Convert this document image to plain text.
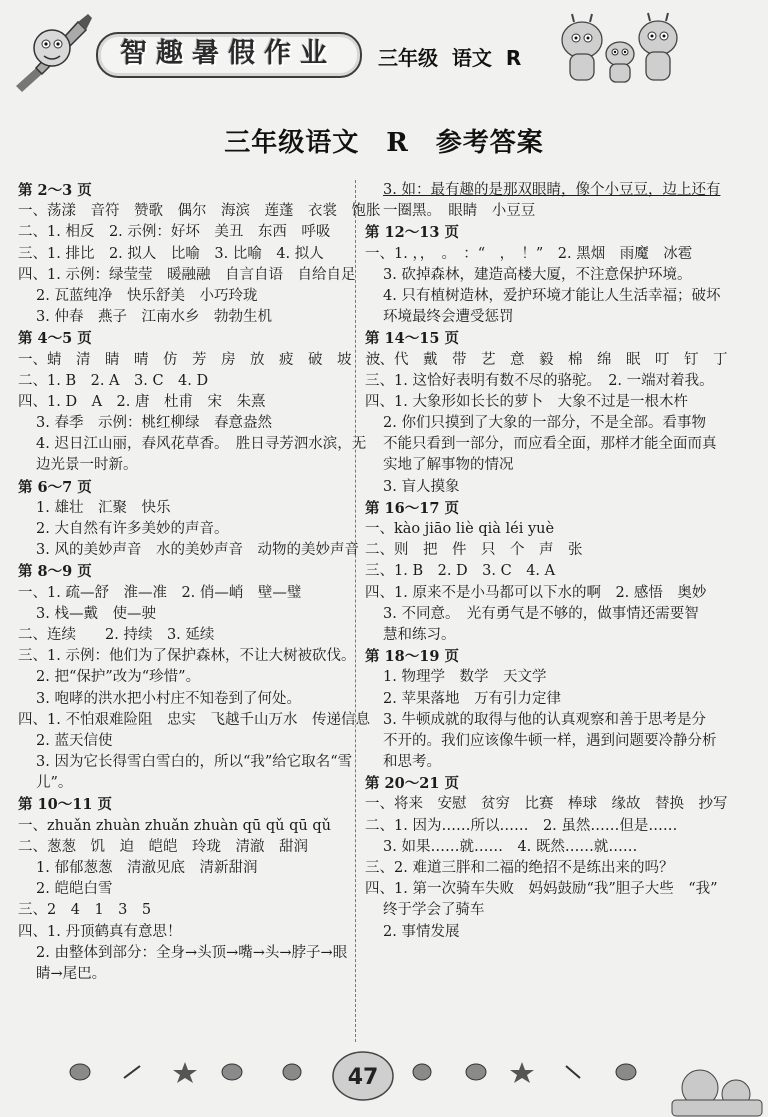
智趣暑假作业	三年级  语文  R
三年级语文　R　参考答案
第 2～3 页
一、荡漾　音符　赞歌　偶尔　海滨　莲蓬　衣裳　饱胀
二、1. 相反　2. 示例：好坏　美丑　东西　呼吸
三、1. 排比　2. 拟人　比喻　3. 比喻　4. 拟人
四、1. 示例：绿莹莹　暖融融　自言自语　自给自足
2. 瓦蓝纯净　快乐舒美　小巧玲珑
3. 仲春　燕子　江南水乡　勃勃生机
第 4～5 页
一、蜻　清　睛　晴　仿　芳　房　放　疲　破　坡　波
二、1. B　2. A　3. C　4. D
四、1. D　A　2. 唐　杜甫　宋　朱熹
3. 春季　示例：桃红柳绿　春意盎然
4. 迟日江山丽，春风花草香。　胜日寻芳泗水滨，无
边光景一时新。
第 6～7 页
1. 雄壮　汇聚　快乐
2. 大自然有许多美妙的声音。
3. 风的美妙声音　水的美妙声音　动物的美妙声音
第 8～9 页
一、1. 疏—舒　淮—准　2. 俏—峭　壁—璧
3. 栈—戴　使—驶
二、连续　　2. 持续　3. 延续
三、1. 示例：他们为了保护森林，不让大树被砍伐。
2. 把“保护”改为“珍惜”。
3. 咆哮的洪水把小村庄不知卷到了何处。
四、1. 不怕艰难险阻　忠实　飞越千山万水　传递信息
2. 蓝天信使
3. 因为它长得雪白雪白的，所以“我”给它取名“雪
儿”。
第 10～11 页
一、zhuǎn zhuàn zhuǎn zhuàn qū qǔ qū qǔ
二、葱葱　饥　迫　皑皑　玲珑　清澈　甜润
1. 郁郁葱葱　清澈见底　清新甜润
2. 皑皑白雪
三、2　4　1　3　5
四、1. 丹顶鹤真有意思！
2. 由整体到部分：全身→头顶→嘴→头→脖子→眼
睛→尾巴。
3. 如：最有趣的是那双眼睛，像个小豆豆，边上还有
一圈黑。　眼睛　小豆豆
第 12～13 页
一、1. ，，　。　：“　，　！”　2. 黑烟　雨魔　冰雹
3. 砍掉森林，建造高楼大厦，不注意保护环境。
4. 只有植树造林，爱护环境才能让人生活幸福；破坏
环境最终会遭受惩罚
第 14～15 页
一、代　戴　带　艺　意　毅　棉　绵　眠　叮　钉　丁
三、1. 这恰好表明有数不尽的骆驼。　2. 一端对着我。
四、1. 大象形如长长的萝卜　大象不过是一根木杵
2. 你们只摸到了大象的一部分，不是全部。看事物
不能只看到一部分，而应看全面，那样才能全面而真
实地了解事物的情况
3. 盲人摸象
第 16～17 页
一、kào jiāo liè qià léi yuè
二、则　把　件　只　个　声　张
三、1. B　2. D　3. C　4. A
四、1. 原来不是小马都可以下水的啊　2. 感悟　奥妙
3. 不同意。　光有勇气是不够的，做事情还需要智
慧和练习。
第 18～19 页
1. 物理学　数学　天文学
2. 苹果落地　万有引力定律
3. 牛顿成就的取得与他的认真观察和善于思考是分
不开的。我们应该像牛顿一样，遇到问题要冷静分析
和思考。
第 20～21 页
一、将来　安慰　贫穷　比赛　棒球　缘故　替换　抄写
二、1. 因为……所以……　2. 虽然……但是……
3. 如果……就……　4. 既然……就……
三、2. 难道三胖和二福的绝招不是练出来的吗？
四、1. 第一次骑车失败　妈妈鼓励“我”胆子大些　“我”
终于学会了骑车
2. 事情发展
47
